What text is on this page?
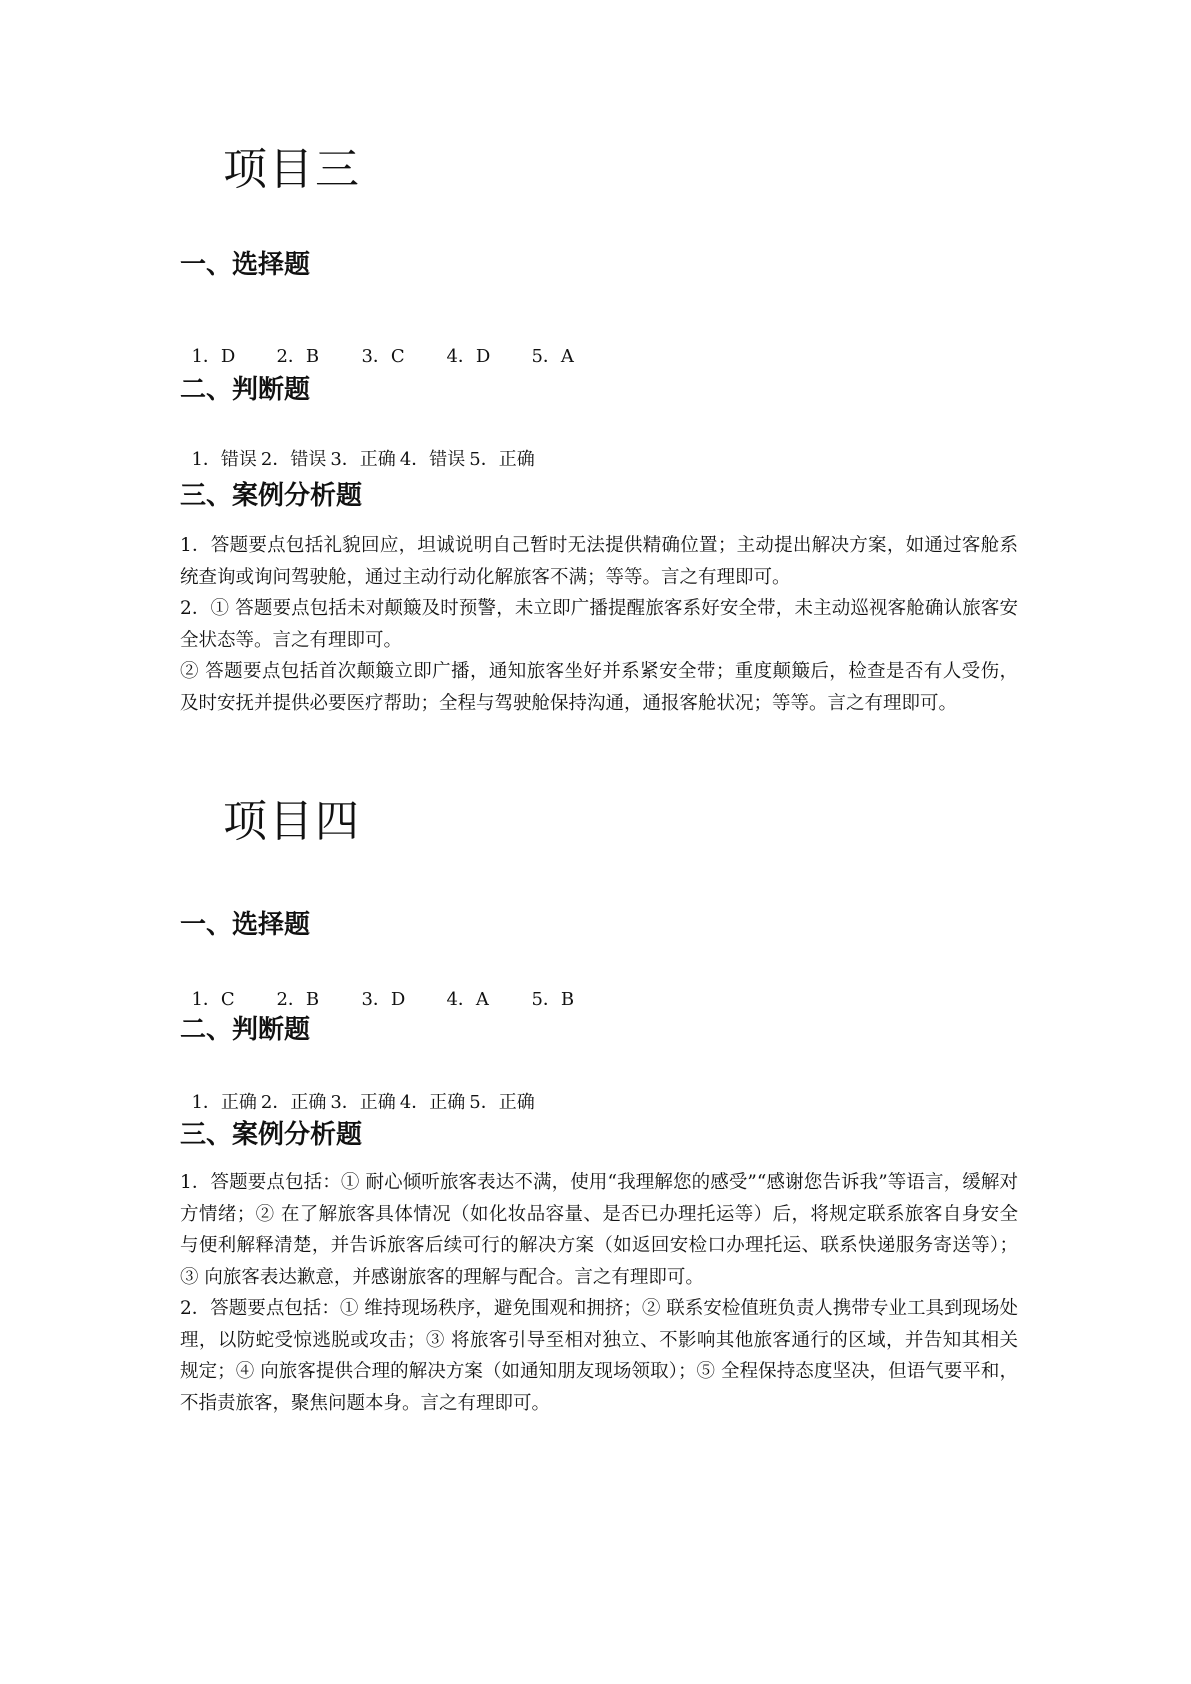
项目三
一、选择题

1．D 2．B 3．C 4．D 5．A

二、判断题

1．错误 2．错误 3．正确 4．错误 5．正确

三、案例分析题

1．答题要点包括礼貌回应，坦诚说明自己暂时无法提供精确位置；主动提出解决方案，如通过客舱系统查询或询问驾驶舱，通过主动行动化解旅客不满；等等。言之有理即可。

2．① 答题要点包括未对颠簸及时预警，未立即广播提醒旅客系好安全带，未主动巡视客舱确认旅客安全状态等。言之有理即可。

② 答题要点包括首次颠簸立即广播，通知旅客坐好并系紧安全带；重度颠簸后，检查是否有人受伤，及时安抚并提供必要医疗帮助；全程与驾驶舱保持沟通，通报客舱状况；等等。言之有理即可。

项目四
一、选择题

1．C 2．B 3．D 4．A 5．B

二、判断题

1．正确 2．正确 3．正确 4．正确 5．正确

三、案例分析题

1．答题要点包括：① 耐心倾听旅客表达不满，使用“我理解您的感受”“感谢您告诉我”等语言，缓解对方情绪；② 在了解旅客具体情况（如化妆品容量、是否已办理托运等）后，将规定联系旅客自身安全与便利解释清楚，并告诉旅客后续可行的解决方案（如返回安检口办理托运、联系快递服务寄送等）；③ 向旅客表达歉意，并感谢旅客的理解与配合。言之有理即可。

2．答题要点包括：① 维持现场秩序，避免围观和拥挤；② 联系安检值班负责人携带专业工具到现场处理，以防蛇受惊逃脱或攻击；③ 将旅客引导至相对独立、不影响其他旅客通行的区域，并告知其相关规定；④ 向旅客提供合理的解决方案（如通知朋友现场领取）；⑤ 全程保持态度坚决，但语气要平和，不指责旅客，聚焦问题本身。言之有理即可。
